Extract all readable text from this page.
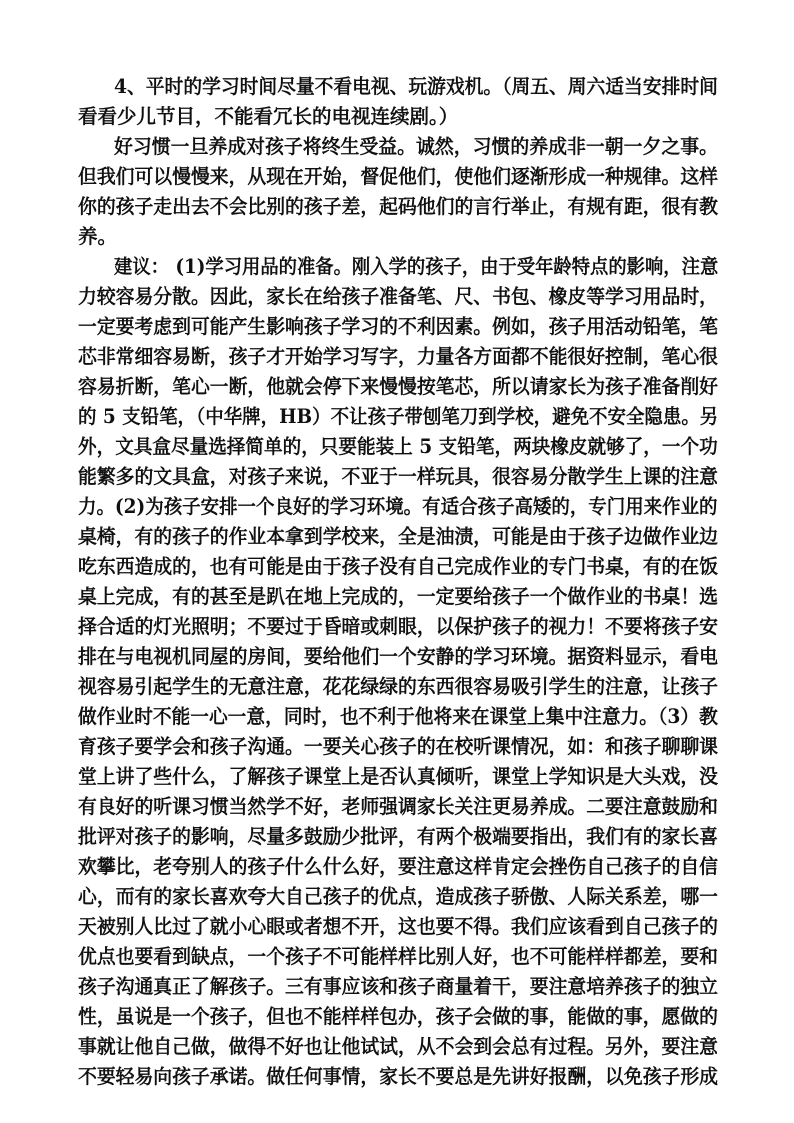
4、平时的学习时间尽量不看电视、玩游戏机。（周五、周六适当安排时间
看看少儿节目，不能看冗长的电视连续剧。）
好习惯一旦养成对孩子将终生受益。诚然，习惯的养成非一朝一夕之事。
但我们可以慢慢来，从现在开始，督促他们，使他们逐渐形成一种规律。这样
你的孩子走出去不会比别的孩子差，起码他们的言行举止，有规有距，很有教
养。
建议： (1)学习用品的准备。刚入学的孩子，由于受年龄特点的影响，注意
力较容易分散。因此，家长在给孩子准备笔、尺、书包、橡皮等学习用品时，
一定要考虑到可能产生影响孩子学习的不利因素。例如，孩子用活动铅笔，笔
芯非常细容易断，孩子才开始学习写字，力量各方面都不能很好控制，笔心很
容易折断，笔心一断，他就会停下来慢慢按笔芯，所以请家长为孩子准备削好
的 5 支铅笔，（中华牌，HB）不让孩子带刨笔刀到学校，避免不安全隐患。另
外，文具盒尽量选择简单的，只要能装上 5 支铅笔，两块橡皮就够了，一个功
能繁多的文具盒，对孩子来说，不亚于一样玩具，很容易分散学生上课的注意
力。(2)为孩子安排一个良好的学习环境。有适合孩子高矮的，专门用来作业的
桌椅，有的孩子的作业本拿到学校来，全是油渍，可能是由于孩子边做作业边
吃东西造成的，也有可能是由于孩子没有自己完成作业的专门书桌，有的在饭
桌上完成，有的甚至是趴在地上完成的，一定要给孩子一个做作业的书桌！选
择合适的灯光照明；不要过于昏暗或刺眼，以保护孩子的视力！不要将孩子安
排在与电视机同屋的房间，要给他们一个安静的学习环境。据资料显示，看电
视容易引起学生的无意注意，花花绿绿的东西很容易吸引学生的注意，让孩子
做作业时不能一心一意，同时，也不利于他将来在课堂上集中注意力。（3）教
育孩子要学会和孩子沟通。一要关心孩子的在校听课情况，如：和孩子聊聊课
堂上讲了些什么，了解孩子课堂上是否认真倾听，课堂上学知识是大头戏，没
有良好的听课习惯当然学不好，老师强调家长关注更易养成。二要注意鼓励和
批评对孩子的影响，尽量多鼓励少批评，有两个极端要指出，我们有的家长喜
欢攀比，老夸别人的孩子什么什么好，要注意这样肯定会挫伤自己孩子的自信
心，而有的家长喜欢夸大自己孩子的优点，造成孩子骄傲、人际关系差，哪一
天被别人比过了就小心眼或者想不开，这也要不得。我们应该看到自己孩子的
优点也要看到缺点，一个孩子不可能样样比别人好，也不可能样样都差，要和
孩子沟通真正了解孩子。三有事应该和孩子商量着干，要注意培养孩子的独立
性，虽说是一个孩子，但也不能样样包办，孩子会做的事，能做的事，愿做的
事就让他自己做，做得不好也让他试试，从不会到会总有过程。另外，要注意
不要轻易向孩子承诺。做任何事情，家长不要总是先讲好报酬，以免孩子形成
